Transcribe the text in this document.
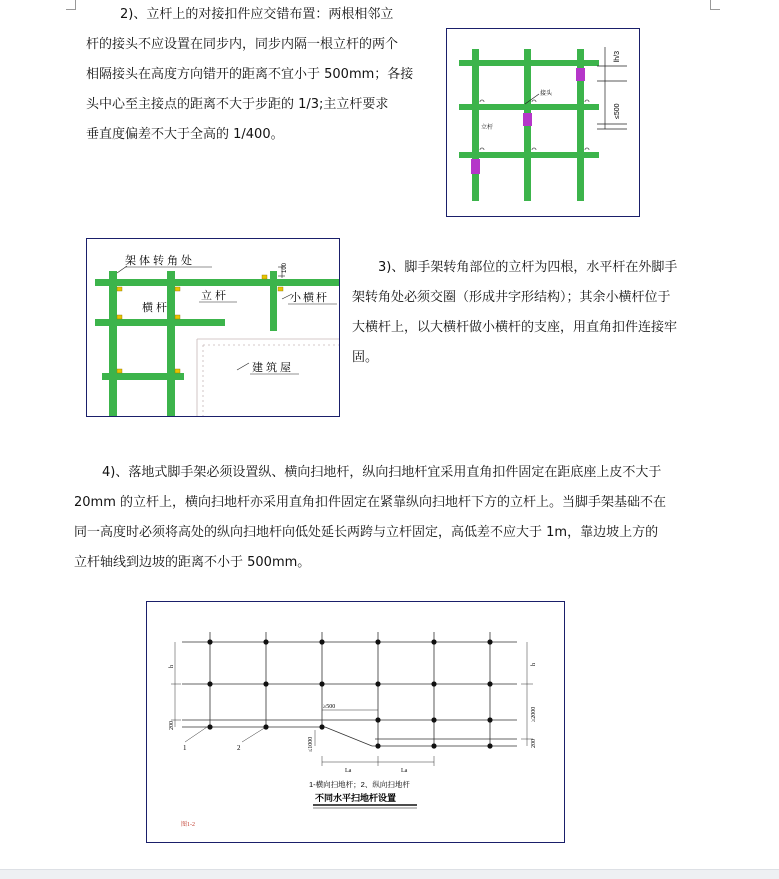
2)、立杆上的对接扣件应交错布置：两根相邻立

杆的接头不应设置在同步内，同步内隔一根立杆的两个

相隔接头在高度方向错开的距离不宜小于 500mm；各接

头中心至主接点的距离不大于步距的 1/3;主立杆要求

垂直度偏差不大于全高的 1/400。

lh/3
≤500
接头
立杆
架体转角处
横杆
立杆	小横杆
100
建筑屋

3)、脚手架转角部位的立杆为四根，水平杆在外脚手

架转角处必须交圈（形成井字形结构）；其余小横杆位于

大横杆上，以大横杆做小横杆的支座，用直角扣件连接牢

固。

4)、落地式脚手架必须设置纵、横向扫地杆，纵向扫地杆宜采用直角扣件固定在距底座上皮不大于

20mm 的立杆上，横向扫地杆亦采用直角扣件固定在紧靠纵向扫地杆下方的立杆上。当脚手架基础不在

同一高度时必须将高处的纵向扫地杆向低处延长两跨与立杆固定，高低差不应大于 1m，靠边坡上方的

立杆轴线到边坡的距离不小于 500mm。

h
200
1	2
≥500
≤1000
La	La
≥2000
h
200
1-横向扫地杆；2、纵向扫地杆
不同水平扫地杆设置
图1-2
